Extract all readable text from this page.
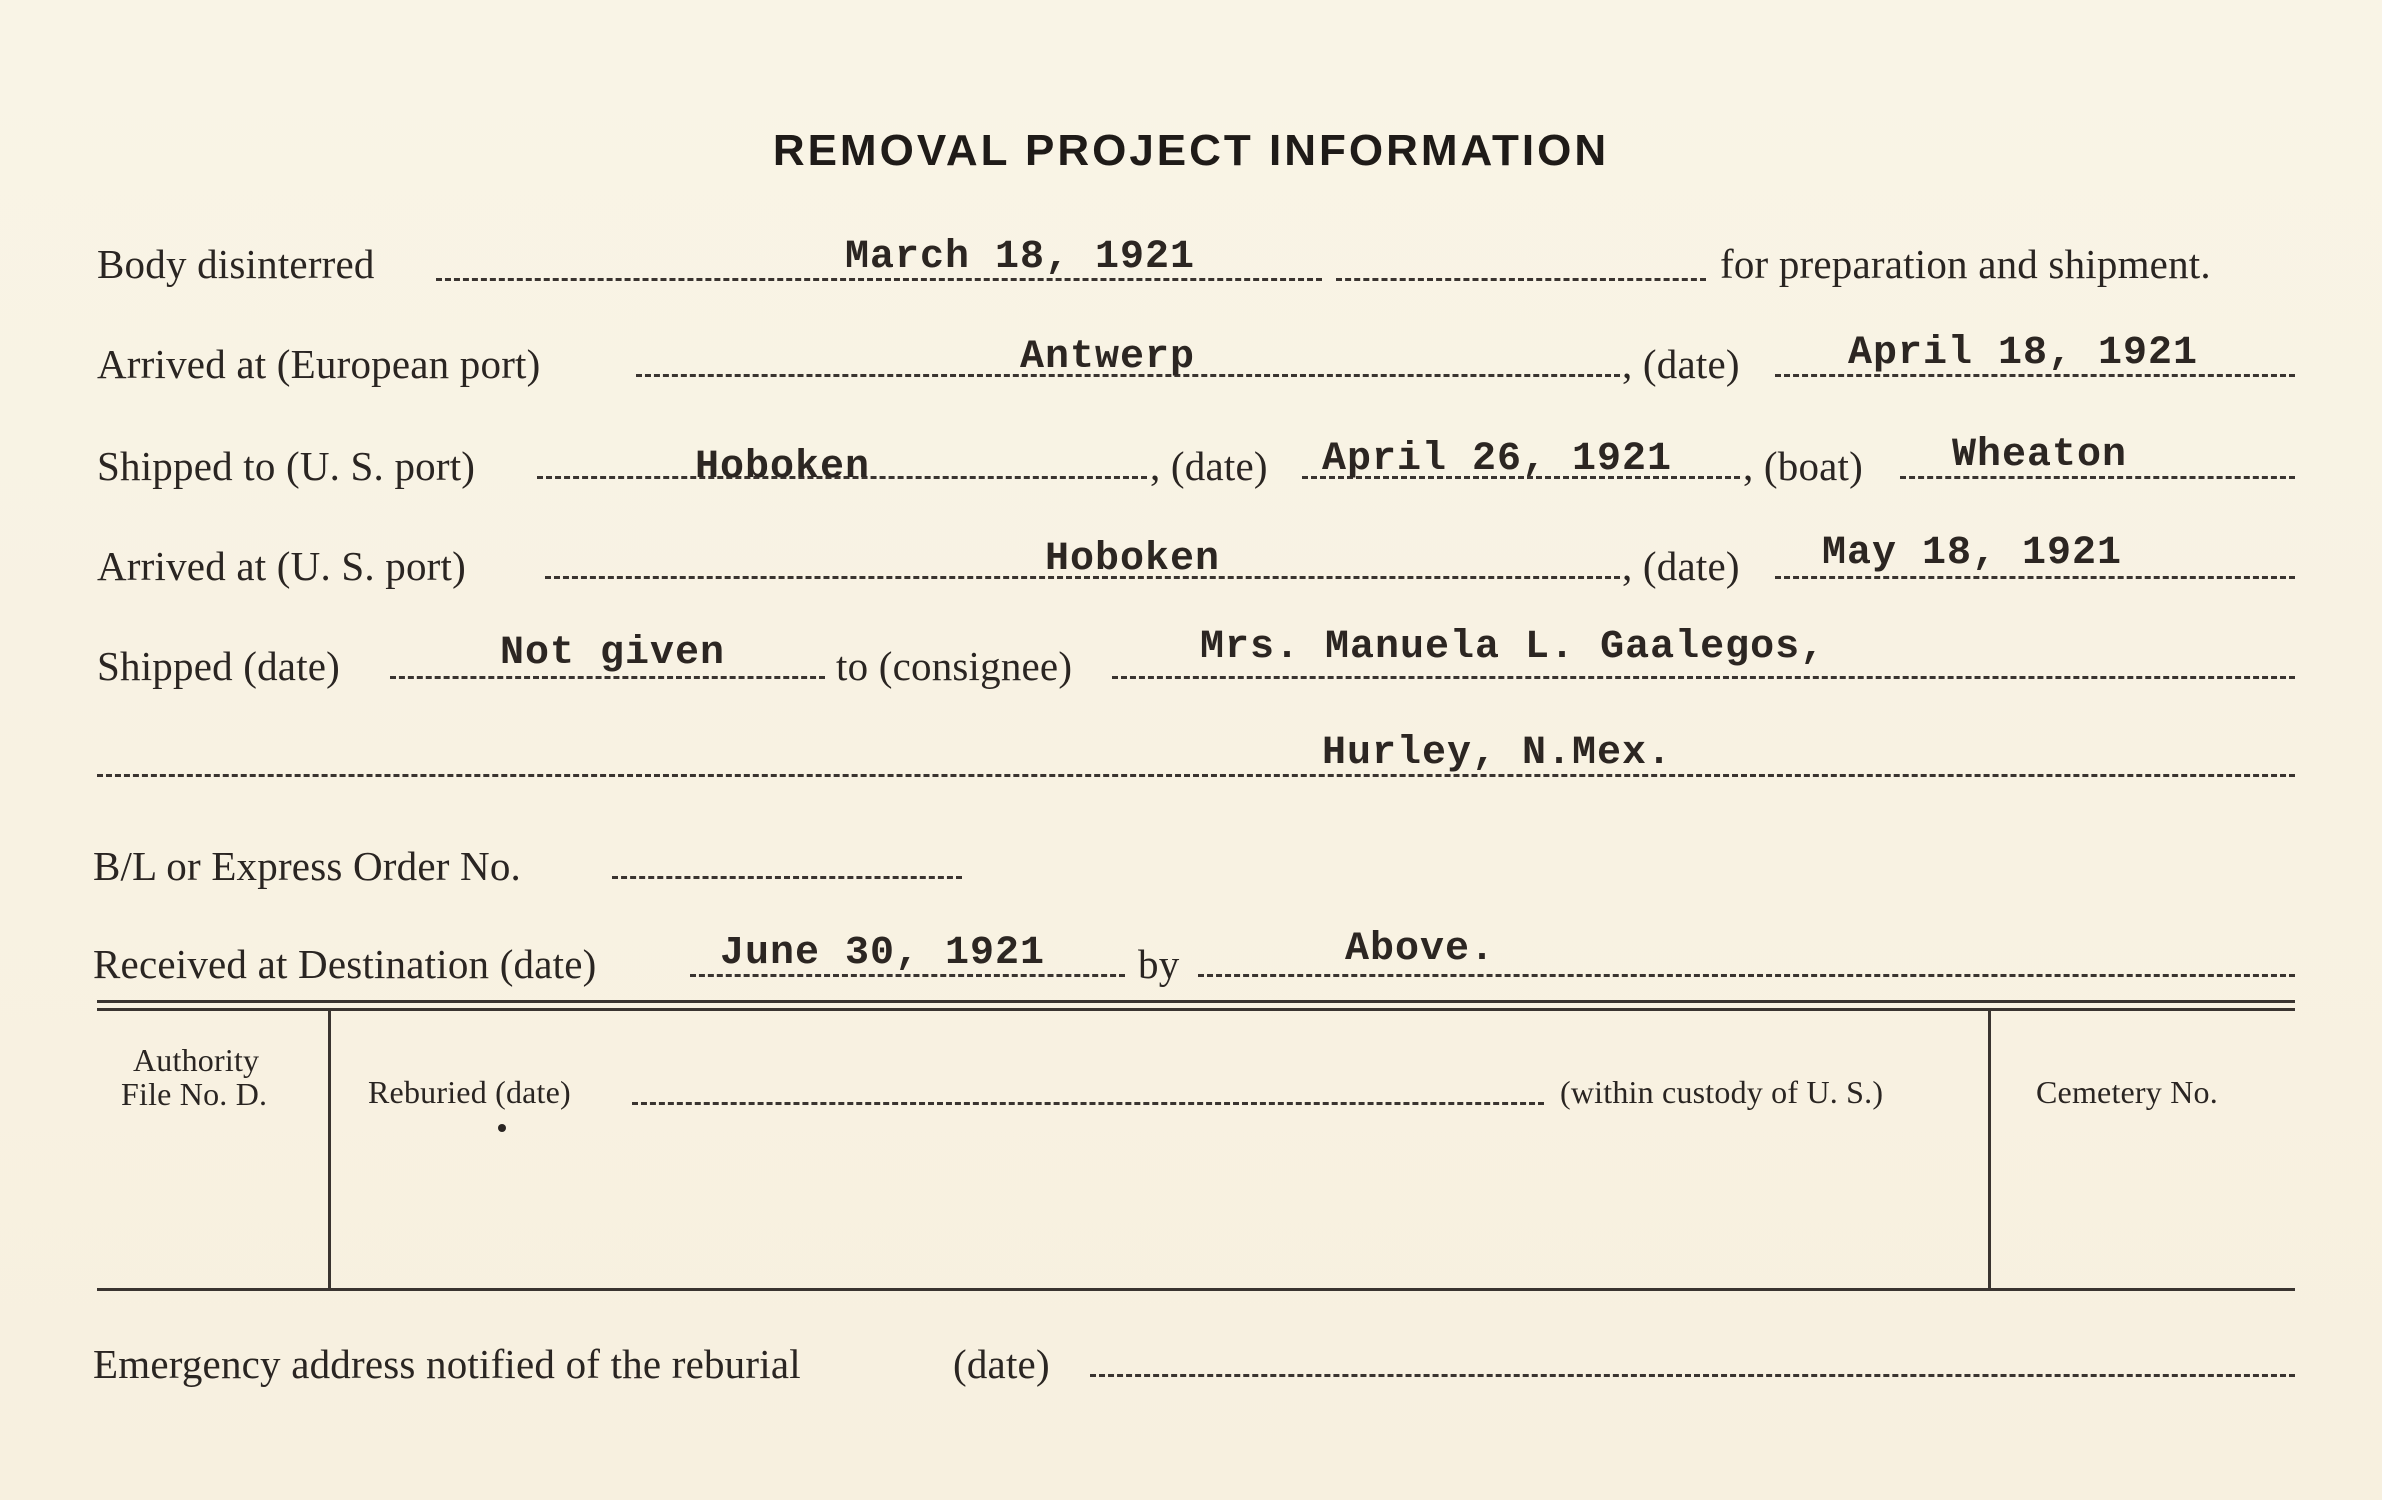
REMOVAL PROJECT INFORMATION
Body disinterred	March 18, 1921	for preparation and shipment.
Arrived at (European port)	Antwerp	, (date)	April 18, 1921
Shipped to (U. S. port)	Hoboken	, (date) April 26, 1921 , (boat) Wheaton
Arrived at (U. S. port)	Hoboken	, (date) May 18, 1921
Shipped (date)	Not given	to (consignee)	Mrs. Manuela L. Gaalegos,
Hurley, N.Mex.
B/L or Express Order No.
Received at Destination (date)	June 30, 1921 by	Above.
Authority
File No. D.	Reburied (date)	(within custody of U. S.)	Cemetery No.
Emergency address notified of the reburial	(date)
